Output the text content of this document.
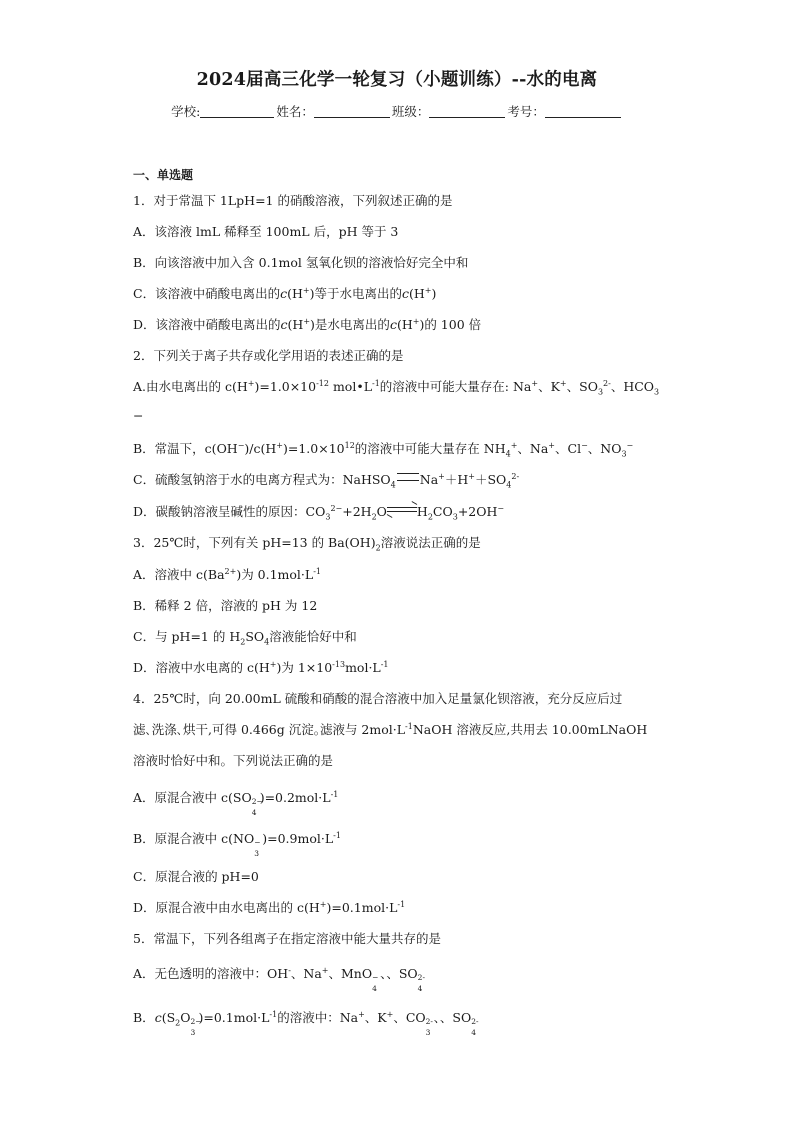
2024届高三化学一轮复习（小题训练）--水的电离
学校:	姓名：	班级：	考号：
一、单选题
1．对于常温下 1LpH=1 的硝酸溶液，下列叙述正确的是
A．该溶液 lmL 稀释至 100mL 后，pH 等于 3
B．向该溶液中加入含 0.1mol 氢氧化钡的溶液恰好完全中和
C．该溶液中硝酸电离出的c(H+)等于水电离出的c(H+)
D．该溶液中硝酸电离出的c(H+)是水电离出的c(H+)的 100 倍
2．下列关于离子共存或化学用语的表述正确的是
A.由水电离出的 $c(H^+)=1.0\times 10^{-12}$ $mol•L^{-1}$的溶液中可能大量存在: Na+、K+、$SO_3^{2-}$、$HCO_3$
−
B．常温下，$c(OH^-)/c(H^+)=1.0\times 10^{12}$的溶液中可能大量存在 $NH_4^+$、Na+、Cl−、$NO_3^-$
C．硫酸氢钠溶于水的电离方程式为：NaHSO$_4$ $Na^++H^++SO_4^{2-}$
D．碳酸钠溶液呈碱性的原因：$CO_3^{2-}+2H_2O$ $H_2CO_3+2OH^-$
3．25℃时，下列有关 pH=13 的 $Ba(OH)_2$溶液说法正确的是
A．溶液中 $c(Ba^{2+})$为 $0.1mol\cdot L^{-1}$
B．稀释 2 倍，溶液的 pH 为 12
C．与 pH=1 的 $H_2SO_4$溶液能恰好中和
D．溶液中水电离的 c(H+)为 $1\times 10^{-13}mol\cdot L^{-1}$
4．25℃时，向 20.00mL 硫酸和硝酸的混合溶液中加入足量氯化钡溶液，充分反应后过
滤､洗涤､烘干,可得 0.466g 沉淀｡滤液与 $2mol\cdot L^{-1}NaOH$ 溶液反应,共用去 10.00mLNaOH
溶液时恰好中和。下列说法正确的是
A．原混合液中 c(SO 2−
4
)$=0.2mol\cdot L^{-1}$
B．原混合液中 c(NO −
3
)$=0.9mol\cdot L^{-1}$
C．原混合液的 pH=0
D．原混合液中由水电离出的 $c(H^+)=0.1mol\cdot L^{-1}$
5．常温下，下列各组离子在指定溶液中能大量共存的是
A．无色透明的溶液中：OH-、Na+、MnO −
4
、、SO 2-
4
B．$c(S_2O$ 2−
3
)$=0.1mol\cdot L^{-1}$的溶液中：Na+、K+、CO 2-
3
、、SO 2-
4
